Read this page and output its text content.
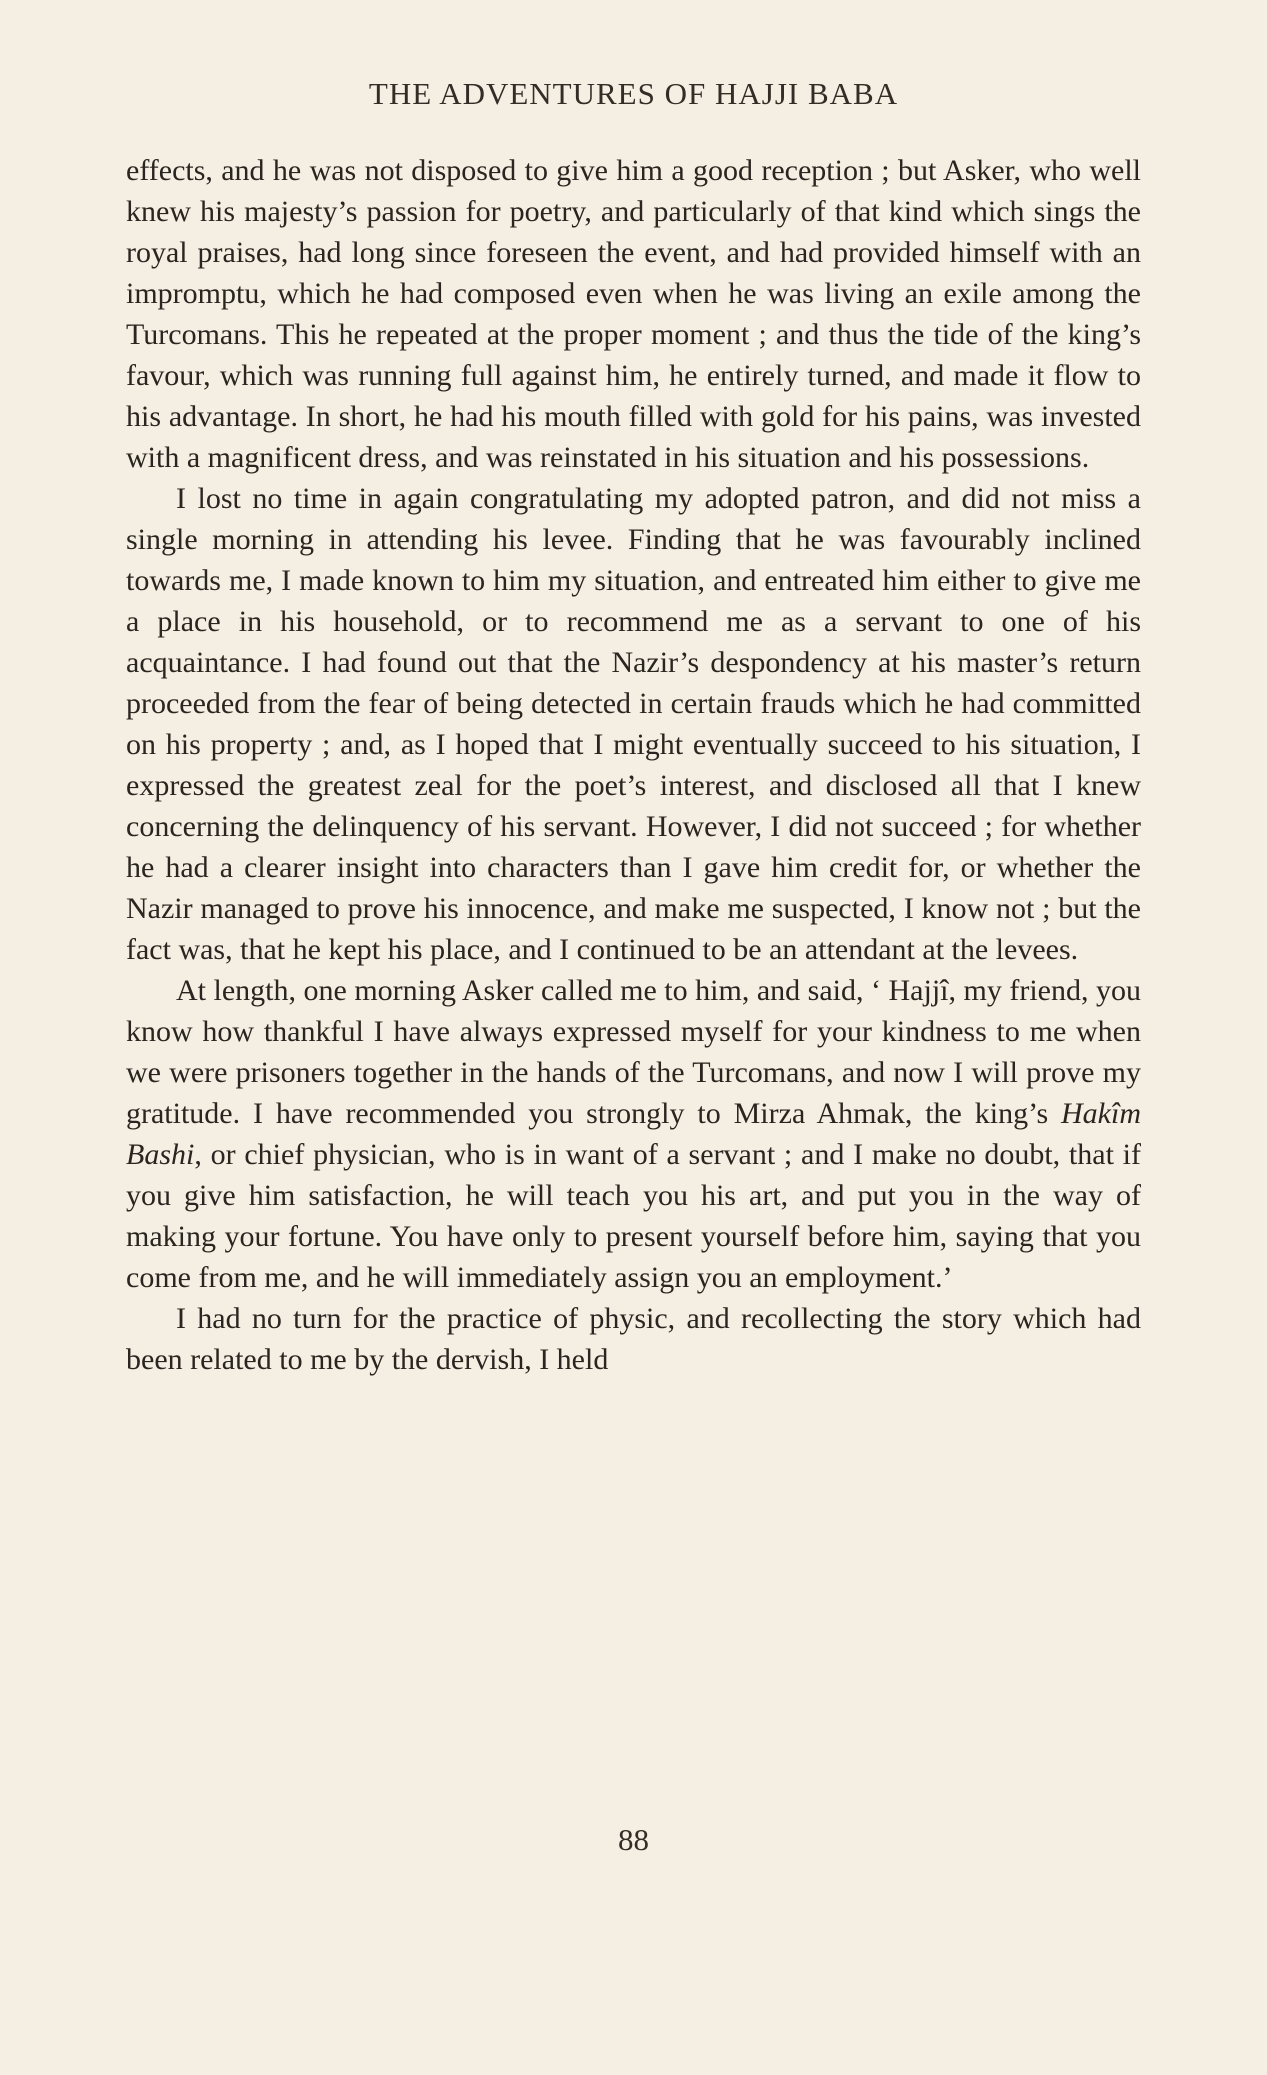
THE ADVENTURES OF HAJJI BABA

effects, and he was not disposed to give him a good reception ; but Asker, who well knew his majesty’s passion for poetry, and particularly of that kind which sings the royal praises, had long since foreseen the event, and had provided himself with an impromptu, which he had composed even when he was living an exile among the Turcomans. This he repeated at the proper moment ; and thus the tide of the king’s favour, which was running full against him, he entirely turned, and made it flow to his advantage. In short, he had his mouth filled with gold for his pains, was invested with a magnificent dress, and was reinstated in his situation and his possessions.

I lost no time in again congratulating my adopted patron, and did not miss a single morning in attending his levee. Finding that he was favourably inclined towards me, I made known to him my situation, and entreated him either to give me a place in his household, or to recommend me as a servant to one of his acquaintance. I had found out that the Nazir’s despondency at his master’s return proceeded from the fear of being detected in certain frauds which he had committed on his property ; and, as I hoped that I might eventually succeed to his situation, I expressed the greatest zeal for the poet’s interest, and disclosed all that I knew concerning the delinquency of his servant. However, I did not succeed ; for whether he had a clearer insight into characters than I gave him credit for, or whether the Nazir managed to prove his innocence, and make me suspected, I know not ; but the fact was, that he kept his place, and I continued to be an attendant at the levees.

At length, one morning Asker called me to him, and said, ‘ Hajjî, my friend, you know how thankful I have always expressed myself for your kindness to me when we were prisoners together in the hands of the Turcomans, and now I will prove my gratitude. I have recommended you strongly to Mirza Ahmak, the king’s Hakîm Bashi, or chief physician, who is in want of a servant ; and I make no doubt, that if you give him satisfaction, he will teach you his art, and put you in the way of making your fortune. You have only to present yourself before him, saying that you come from me, and he will immediately assign you an employment.’

I had no turn for the practice of physic, and recollecting the story which had been related to me by the dervish, I held

88
